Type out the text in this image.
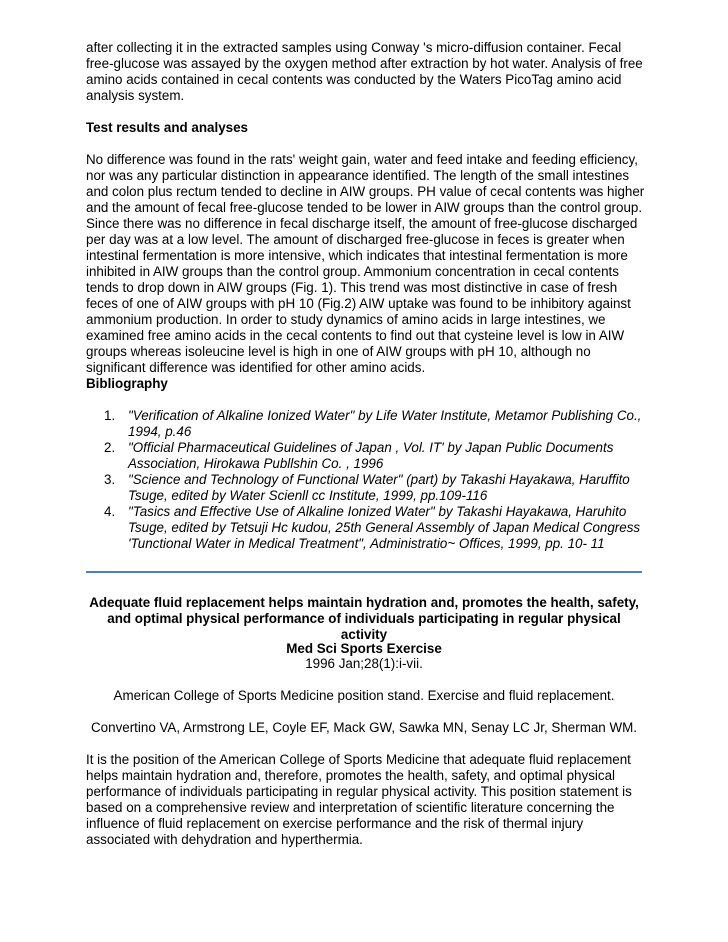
after collecting it in the extracted samples using Conway 's micro-diffusion container. Fecal free-glucose was assayed by the oxygen method after extraction by hot water. Analysis of free amino acids contained in cecal contents was conducted by the Waters PicoTag amino acid analysis system.

Test results and analyses

No difference was found in the rats' weight gain, water and feed intake and feeding efficiency, nor was any particular distinction in appearance identified. The length of the small intestines and colon plus rectum tended to decline in AIW groups. PH value of cecal contents was higher and the amount of fecal free-glucose tended to be lower in AIW groups than the control group. Since there was no difference in fecal discharge itself, the amount of free-glucose discharged per day was at a low level. The amount of discharged free-glucose in feces is greater when intestinal fermentation is more intensive, which indicates that intestinal fermentation is more inhibited in AIW groups than the control group. Ammonium concentration in cecal contents tends to drop down in AIW groups (Fig. 1). This trend was most distinctive in case of fresh feces of one of AIW groups with pH 10 (Fig.2) AIW uptake was found to be inhibitory against ammonium production. In order to study dynamics of amino acids in large intestines, we examined free amino acids in the cecal contents to find out that cysteine level is low in AIW groups whereas isoleucine level is high in one of AIW groups with pH 10, although no significant difference was identified for other amino acids.

Bibliography

1. "Verification of Alkaline Ionized Water" by Life Water Institute, Metamor Publishing Co., 1994, p.46
2. "Official Pharmaceutical Guidelines of Japan , Vol. IT' by Japan Public Documents Association, Hirokawa Publlshin Co. , 1996
3. "Science and Technology of Functional Water" (part) by Takashi Hayakawa, Haruffito Tsuge, edited by Water Scienll cc Institute, 1999, pp.109-116
4. "Tasics and Effective Use of Alkaline Ionized Water" by Takashi Hayakawa, Haruhito Tsuge, edited by Tetsuji Hc kudou, 25th General Assembly of Japan Medical Congress 'Tunctional Water in Medical Treatment", Administratio~ Offices, 1999, pp. 10- 11
Adequate fluid replacement helps maintain hydration and, promotes the health, safety, and optimal physical performance of individuals participating in regular physical activity
Med Sci Sports Exercise
1996 Jan;28(1):i-vii.
American College of Sports Medicine position stand. Exercise and fluid replacement.
Convertino VA, Armstrong LE, Coyle EF, Mack GW, Sawka MN, Senay LC Jr, Sherman WM.

It is the position of the American College of Sports Medicine that adequate fluid replacement helps maintain hydration and, therefore, promotes the health, safety, and optimal physical performance of individuals participating in regular physical activity. This position statement is based on a comprehensive review and interpretation of scientific literature concerning the influence of fluid replacement on exercise performance and the risk of thermal injury associated with dehydration and hyperthermia.
